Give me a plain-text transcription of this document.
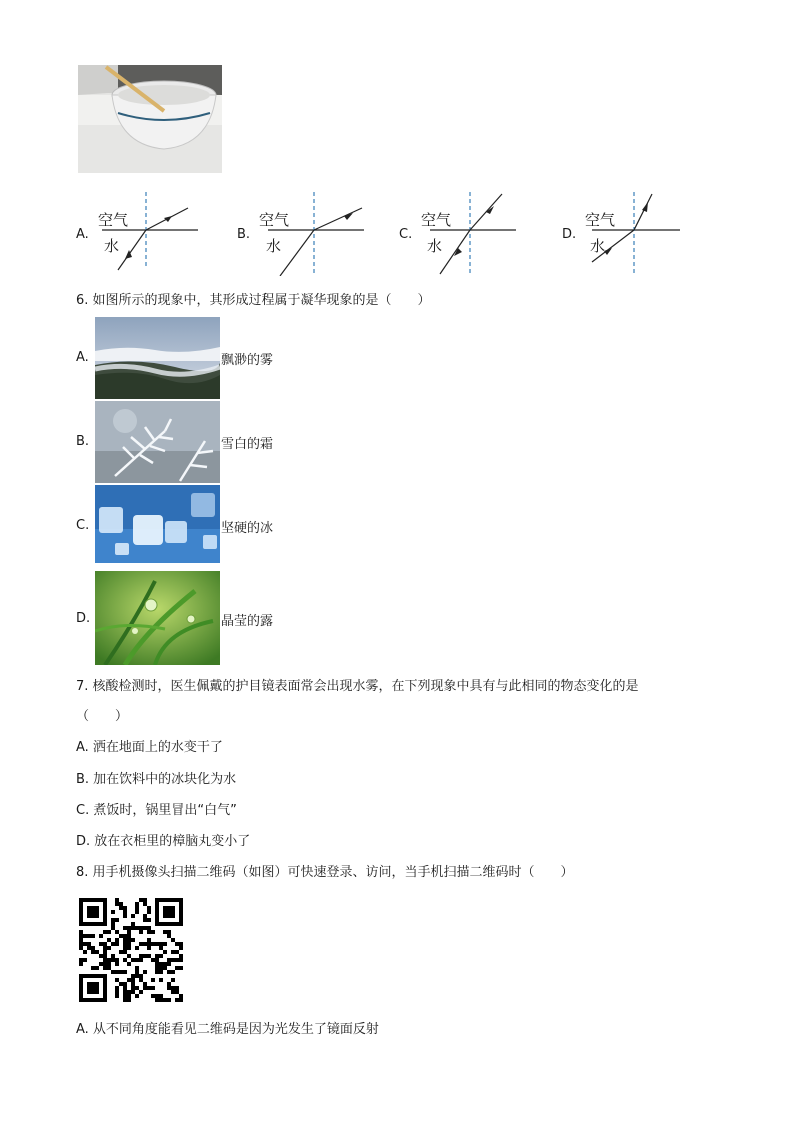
A.
空气
水
B.
空气
水
C.
空气
水
D.
空气
水
6. 如图所示的现象中，其形成过程属于凝华现象的是（　　）
A.	飘渺的雾
B.	雪白的霜
C.	坚硬的冰
D.	晶莹的露
7. 核酸检测时，医生佩戴的护目镜表面常会出现水雾，在下列现象中具有与此相同的物态变化的是
（　　）
A. 洒在地面上的水变干了
B. 加在饮料中的冰块化为水
C. 煮饭时，锅里冒出“白气”
D. 放在衣柜里的樟脑丸变小了
8. 用手机摄像头扫描二维码（如图）可快速登录、访问，当手机扫描二维码时（　　）
A. 从不同角度能看见二维码是因为光发生了镜面反射
